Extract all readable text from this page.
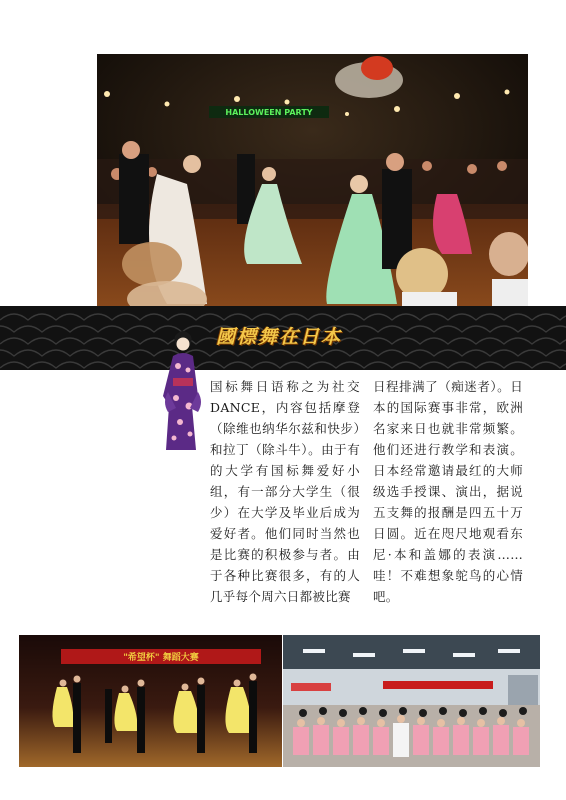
HALLOWEEN PARTY
國標舞在日本

国标舞日语称之为社交DANCE，内容包括摩登（除维也纳华尔兹和快步）和拉丁（除斗牛）。由于有的大学有国标舞爱好小组，有一部分大学生（很少）在大学及毕业后成为爱好者。他们同时当然也是比赛的积极参与者。由于各种比赛很多，有的人几乎每个周六日都被比赛

日程排满了（痴迷者）。日本的国际赛事非常，欧洲名家来日也就非常频繁。他们还进行教学和表演。日本经常邀请最红的大师级选手授课、演出，据说五支舞的报酬是四五十万日圆。近在咫尺地观看东尼·本和盖娜的表演……哇！不难想象鸵鸟的心情吧。

"希望杯" 舞蹈大赛
